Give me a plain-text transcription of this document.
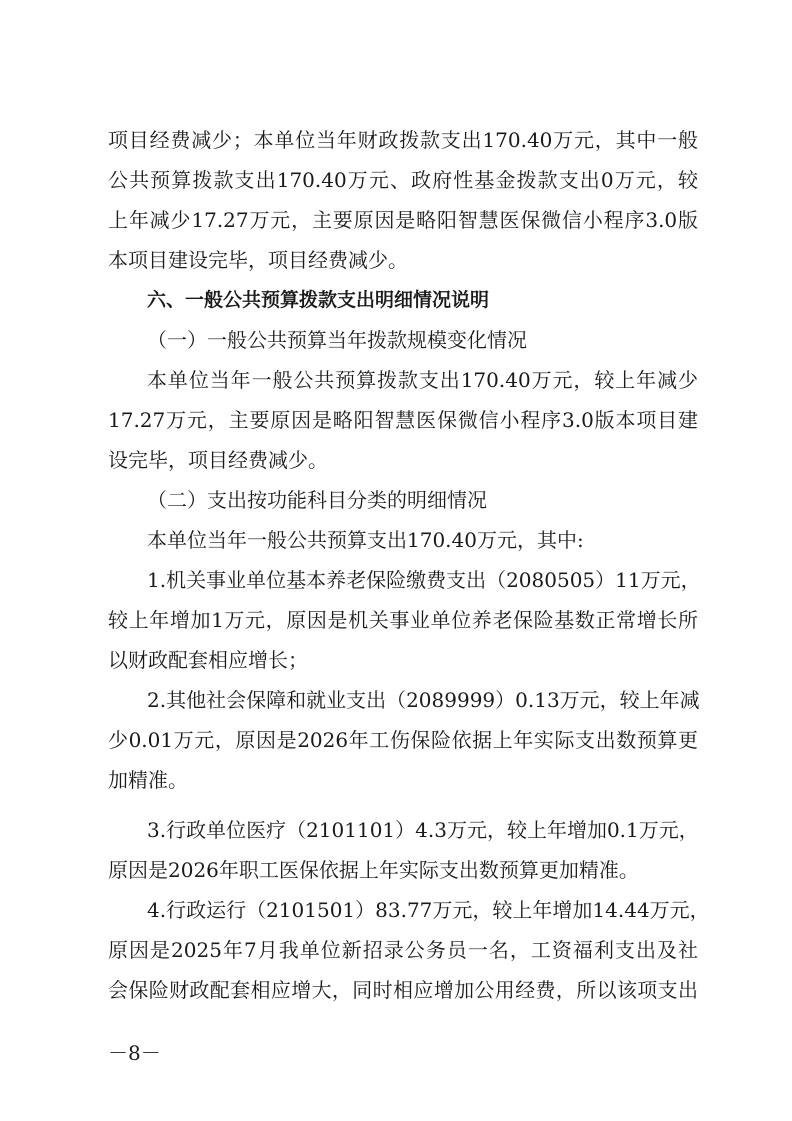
项目经费减少；本单位当年财政拨款支出170.40万元，其中一般
公共预算拨款支出170.40万元、政府性基金拨款支出0万元，较
上年减少17.27万元，主要原因是略阳智慧医保微信小程序3.0版
本项目建设完毕，项目经费减少。
六、一般公共预算拨款支出明细情况说明
（一）一般公共预算当年拨款规模变化情况
本单位当年一般公共预算拨款支出170.40万元，较上年减少
17.27万元，主要原因是略阳智慧医保微信小程序3.0版本项目建
设完毕，项目经费减少。
（二）支出按功能科目分类的明细情况
本单位当年一般公共预算支出170.40万元，其中:
1.机关事业单位基本养老保险缴费支出（2080505）11万元，
较上年增加1万元，原因是机关事业单位养老保险基数正常增长所
以财政配套相应增长；
2.其他社会保障和就业支出（2089999）0.13万元，较上年减
少0.01万元，原因是2026年工伤保险依据上年实际支出数预算更
加精准。
3.行政单位医疗（2101101）4.3万元，较上年增加0.1万元，
原因是2026年职工医保依据上年实际支出数预算更加精准。
4.行政运行（2101501）83.77万元，较上年增加14.44万元，
原因是2025年7月我单位新招录公务员一名，工资福利支出及社
会保险财政配套相应增大，同时相应增加公用经费，所以该项支出
－8－
